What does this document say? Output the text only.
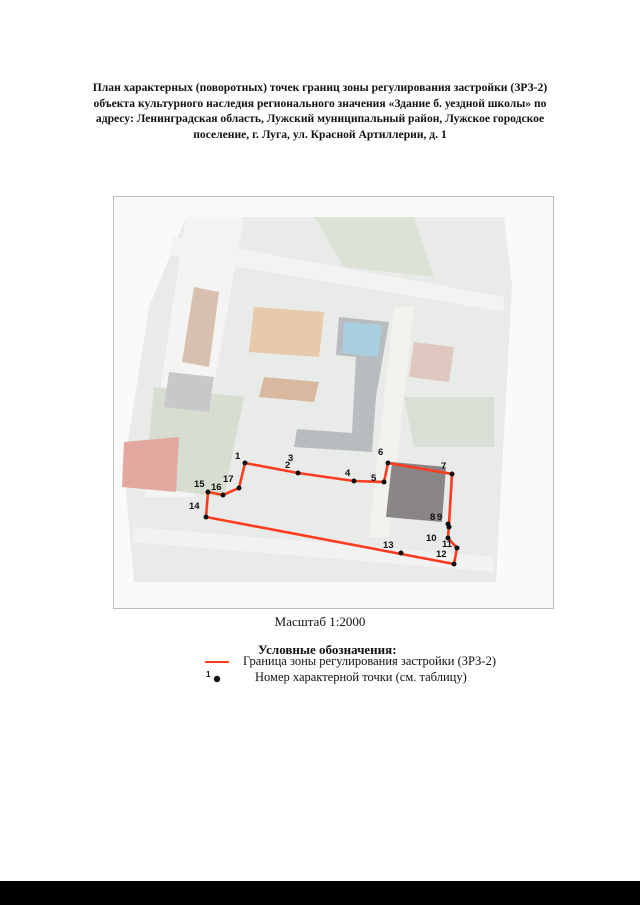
План характерных (поворотных) точек границ зоны регулирования застройки (ЗРЗ-2)
объекта культурного наследия регионального значения «Здание б. уездной школы» по
адресу: Ленинградская область, Лужский муниципальный район, Лужское городское
поселение, г. Луга, ул. Красной Артиллерии, д. 1
1
2
3
4 5
6
7
8 9
10
11
12
13
14
15 16
17
Масштаб 1:2000
Условные обозначения:
Граница зоны регулирования застройки (ЗРЗ-2)
1	Номер характерной точки (см. таблицу)
